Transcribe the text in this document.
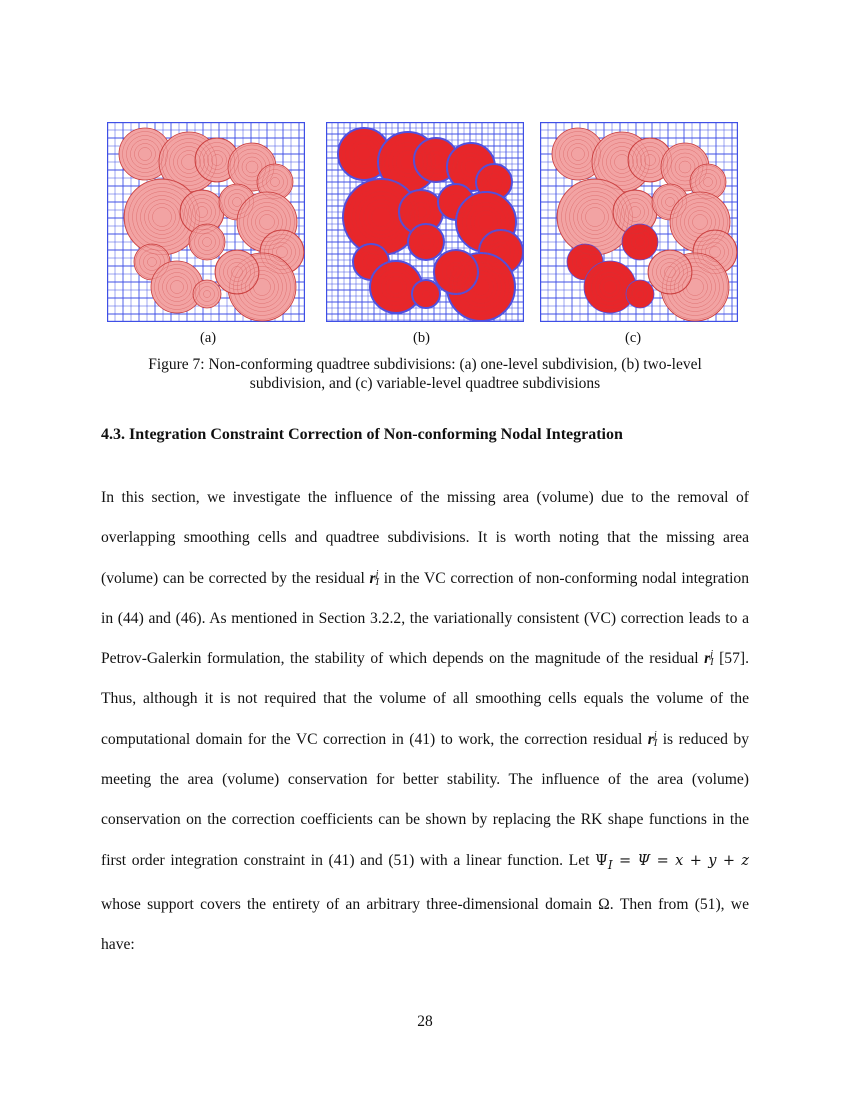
(a)	(b)	(c)
Figure 7: Non-conforming quadtree subdivisions: (a) one-level subdivision, (b) two-level
subdivision, and (c) variable-level quadtree subdivisions
4.3. Integration Constraint Correction of Non-conforming Nodal Integration

In this section, we investigate the influence of the missing area (volume) due to the removal of overlapping smoothing cells and quadtree subdivisions. It is worth noting that the missing area (volume) can be corrected by the residual r j
I in the VC correction of non-conforming nodal integration in (44) and (46). As mentioned in Section 3.2.2, the variationally consistent (VC) correction leads to a Petrov-Galerkin formulation, the stability of which depends on the magnitude of the residual r j
I [57]. Thus, although it is not required that the volume of all smoothing cells equals the volume of the computational domain for the VC correction in (41) to work, the correction residual r j
I is reduced by meeting the area (volume) conservation for better stability. The influence of the area (volume) conservation on the correction coefficients can be shown by replacing the RK shape functions in the first order integration constraint in (41) and (51) with a linear function. Let $\Psi_I = \Psi = x + y + z$ whose support covers the entirety of an arbitrary three-dimensional domain Ω. Then from (51), we have:

28
